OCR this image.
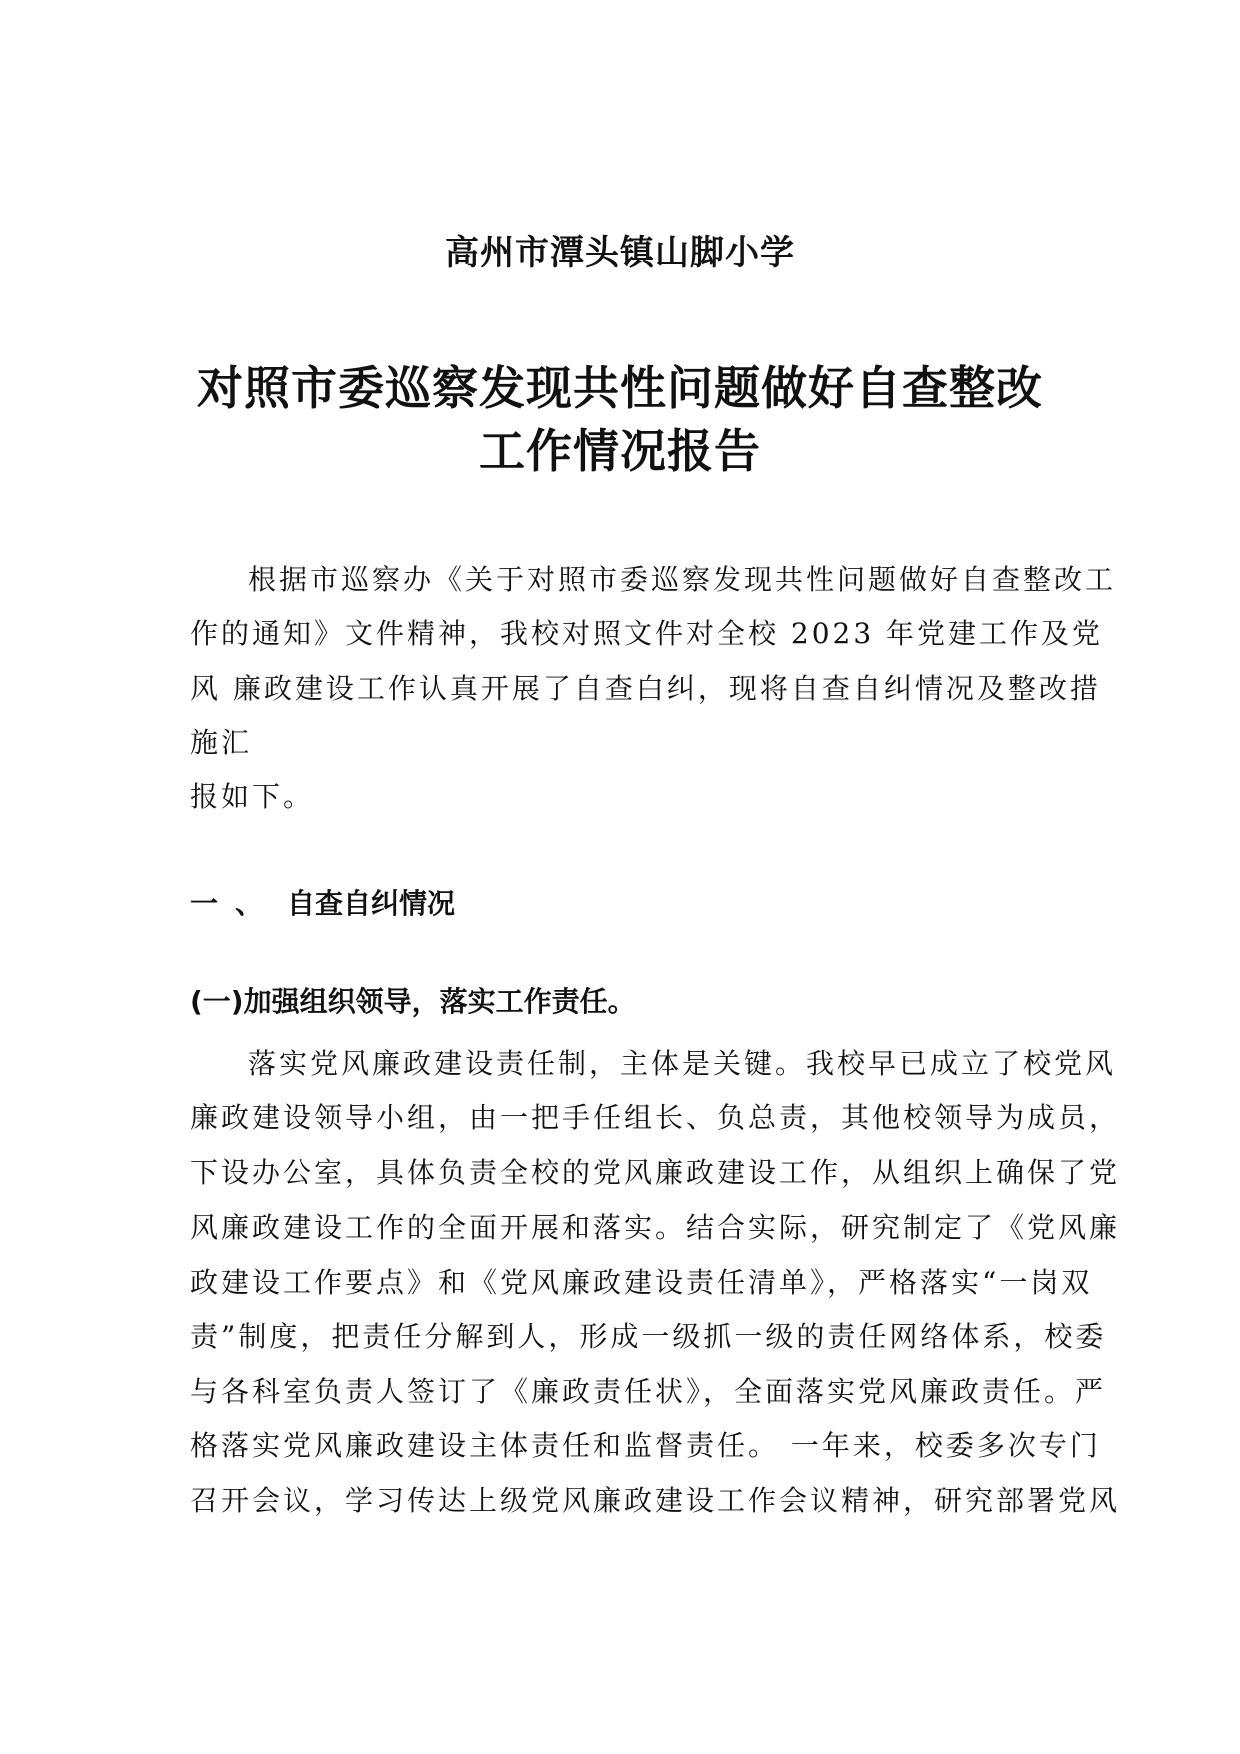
高州市潭头镇山脚小学
对照市委巡察发现共性问题做好自查整改
工作情况报告
根据市巡察办《关于对照市委巡察发现共性问题做好自查整改工
作的通知》文件精神，我校对照文件对全校 2023 年党建工作及党
风 廉政建设工作认真开展了自查白纠，现将自查自纠情况及整改措
施汇
报如下。
一 、 自查自纠情况
(一)加强组织领导，落实工作责任。
落实党风廉政建设责任制，主体是关键。我校早已成立了校党风
廉政建设领导小组，由一把手任组长、负总责，其他校领导为成员，
下设办公室，具体负责全校的党风廉政建设工作，从组织上确保了党
风廉政建设工作的全面开展和落实。结合实际，研究制定了《党风廉
政建设工作要点》和《党风廉政建设责任清单》，严格落实“一岗双
责”制度，把责任分解到人，形成一级抓一级的责任网络体系，校委
与各科室负责人签订了《廉政责任状》，全面落实党风廉政责任。严
格落实党风廉政建设主体责任和监督责任。 一年来，校委多次专门
召开会议，学习传达上级党风廉政建设工作会议精神，研究部署党风
